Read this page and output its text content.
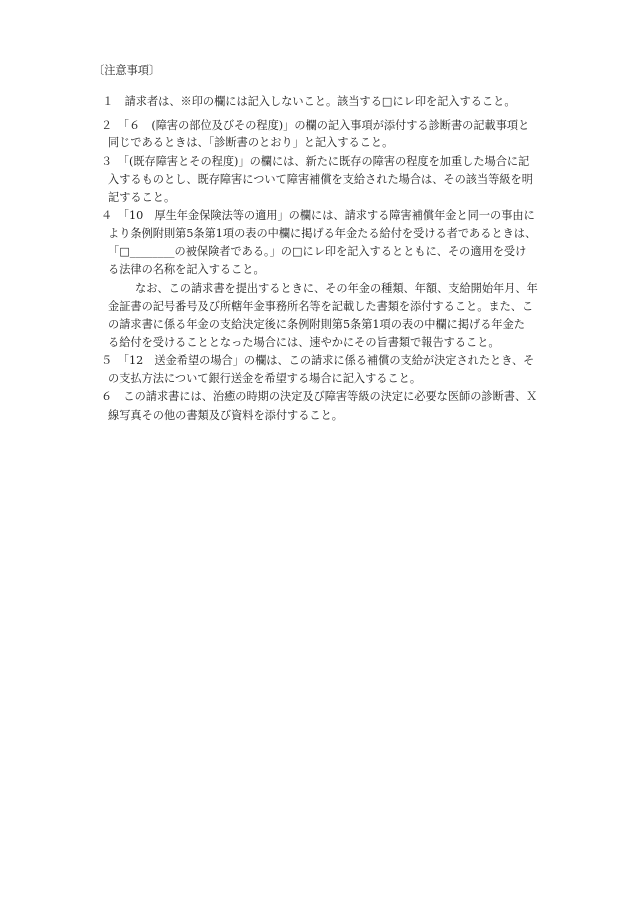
〔注意事項〕
　１　請求者は、※印の欄には記入しないこと。該当する□にレ印を記入すること。
２　「６　(障害の部位及びその程度)」の欄の記入事項が添付する診断書の記載事項と
同じであるときは、「診断書のとおり」と記入すること。
３　「(既存障害とその程度)」の欄には、新たに既存の障害の程度を加重した場合に記
入するものとし、既存障害について障害補償を支給された場合は、その該当等級を明
記すること。
４　「10　厚生年金保険法等の適用」の欄には、請求する障害補償年金と同一の事由に
より条例附則第5条第1項の表の中欄に掲げる年金たる給付を受ける者であるときは、
「□________の被保険者である。」の□にレ印を記入するとともに、その適用を受け
る法律の名称を記入すること。
なお、この請求書を提出するときに、その年金の種類、年額、支給開始年月、年
金証書の記号番号及び所轄年金事務所名等を記載した書類を添付すること。また、こ
の請求書に係る年金の支給決定後に条例附則第5条第1項の表の中欄に掲げる年金た
る給付を受けることとなった場合には、速やかにその旨書類で報告すること。
５　「12　送金希望の場合」の欄は、この請求に係る補償の支給が決定されたとき、そ
の支払方法について銀行送金を希望する場合に記入すること。
６　この請求書には、治癒の時期の決定及び障害等級の決定に必要な医師の診断書、Ｘ
線写真その他の書類及び資料を添付すること。
